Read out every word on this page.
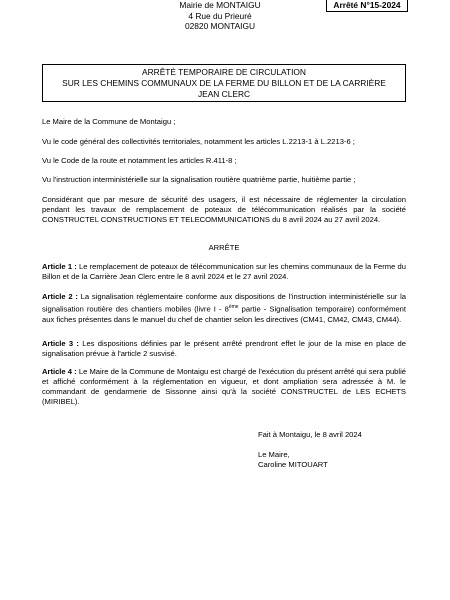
Mairie de MONTAIGU
4 Rue du Prieuré
02820 MONTAIGU
Arrêté N°15-2024
ARRÊTÉ TEMPORAIRE DE CIRCULATION
SUR LES CHEMINS COMMUNAUX DE LA FERME DU BILLON ET DE LA CARRIÈRE
JEAN CLERC
Le Maire de la Commune de Montaigu ;
Vu le code général des collectivités territoriales, notamment les articles L.2213-1 à L.2213-6 ;
Vu le Code de la route et notamment les articles R.411-8 ;
Vu l'instruction interministérielle sur la signalisation routière quatrième partie, huitième partie ;
Considérant que par mesure de sécurité des usagers, il est nécessaire de réglementer la circulation pendant les travaux de remplacement de poteaux de télécommunication réalisés par la société CONSTRUCTEL CONSTRUCTIONS ET TELECOMMUNICATIONS du 8 avril 2024 au 27 avril 2024.
ARRÊTE
Article 1 : Le remplacement de poteaux de télécommunication sur les chemins communaux de la Ferme du Billon et de la Carrière Jean Clerc entre le 8 avril 2024 et le 27 avril 2024.
Article 2 : La signalisation réglementaire conforme aux dispositions de l'instruction interministérielle sur la signalisation routière des chantiers mobiles (livre I - 8ème partie - Signalisation temporaire) conformément aux fiches présentes dans le manuel du chef de chantier selon les directives (CM41, CM42, CM43, CM44).
Article 3 : Les dispositions définies par le présent arrêté prendront effet le jour de la mise en place de signalisation prévue à l'article 2 susvisé.
Article 4 : Le Maire de la Commune de Montaigu est chargé de l'exécution du présent arrêté qui sera publié et affiché conformément à la réglementation en vigueur, et dont ampliation sera adressée à M. le commandant de gendarmerie de Sissonne ainsi qu'à la société CONSTRUCTEL de LES ECHETS (MIRIBEL).
Fait à Montaigu, le 8 avril 2024
Le Maire,
Caroline MITOUART
